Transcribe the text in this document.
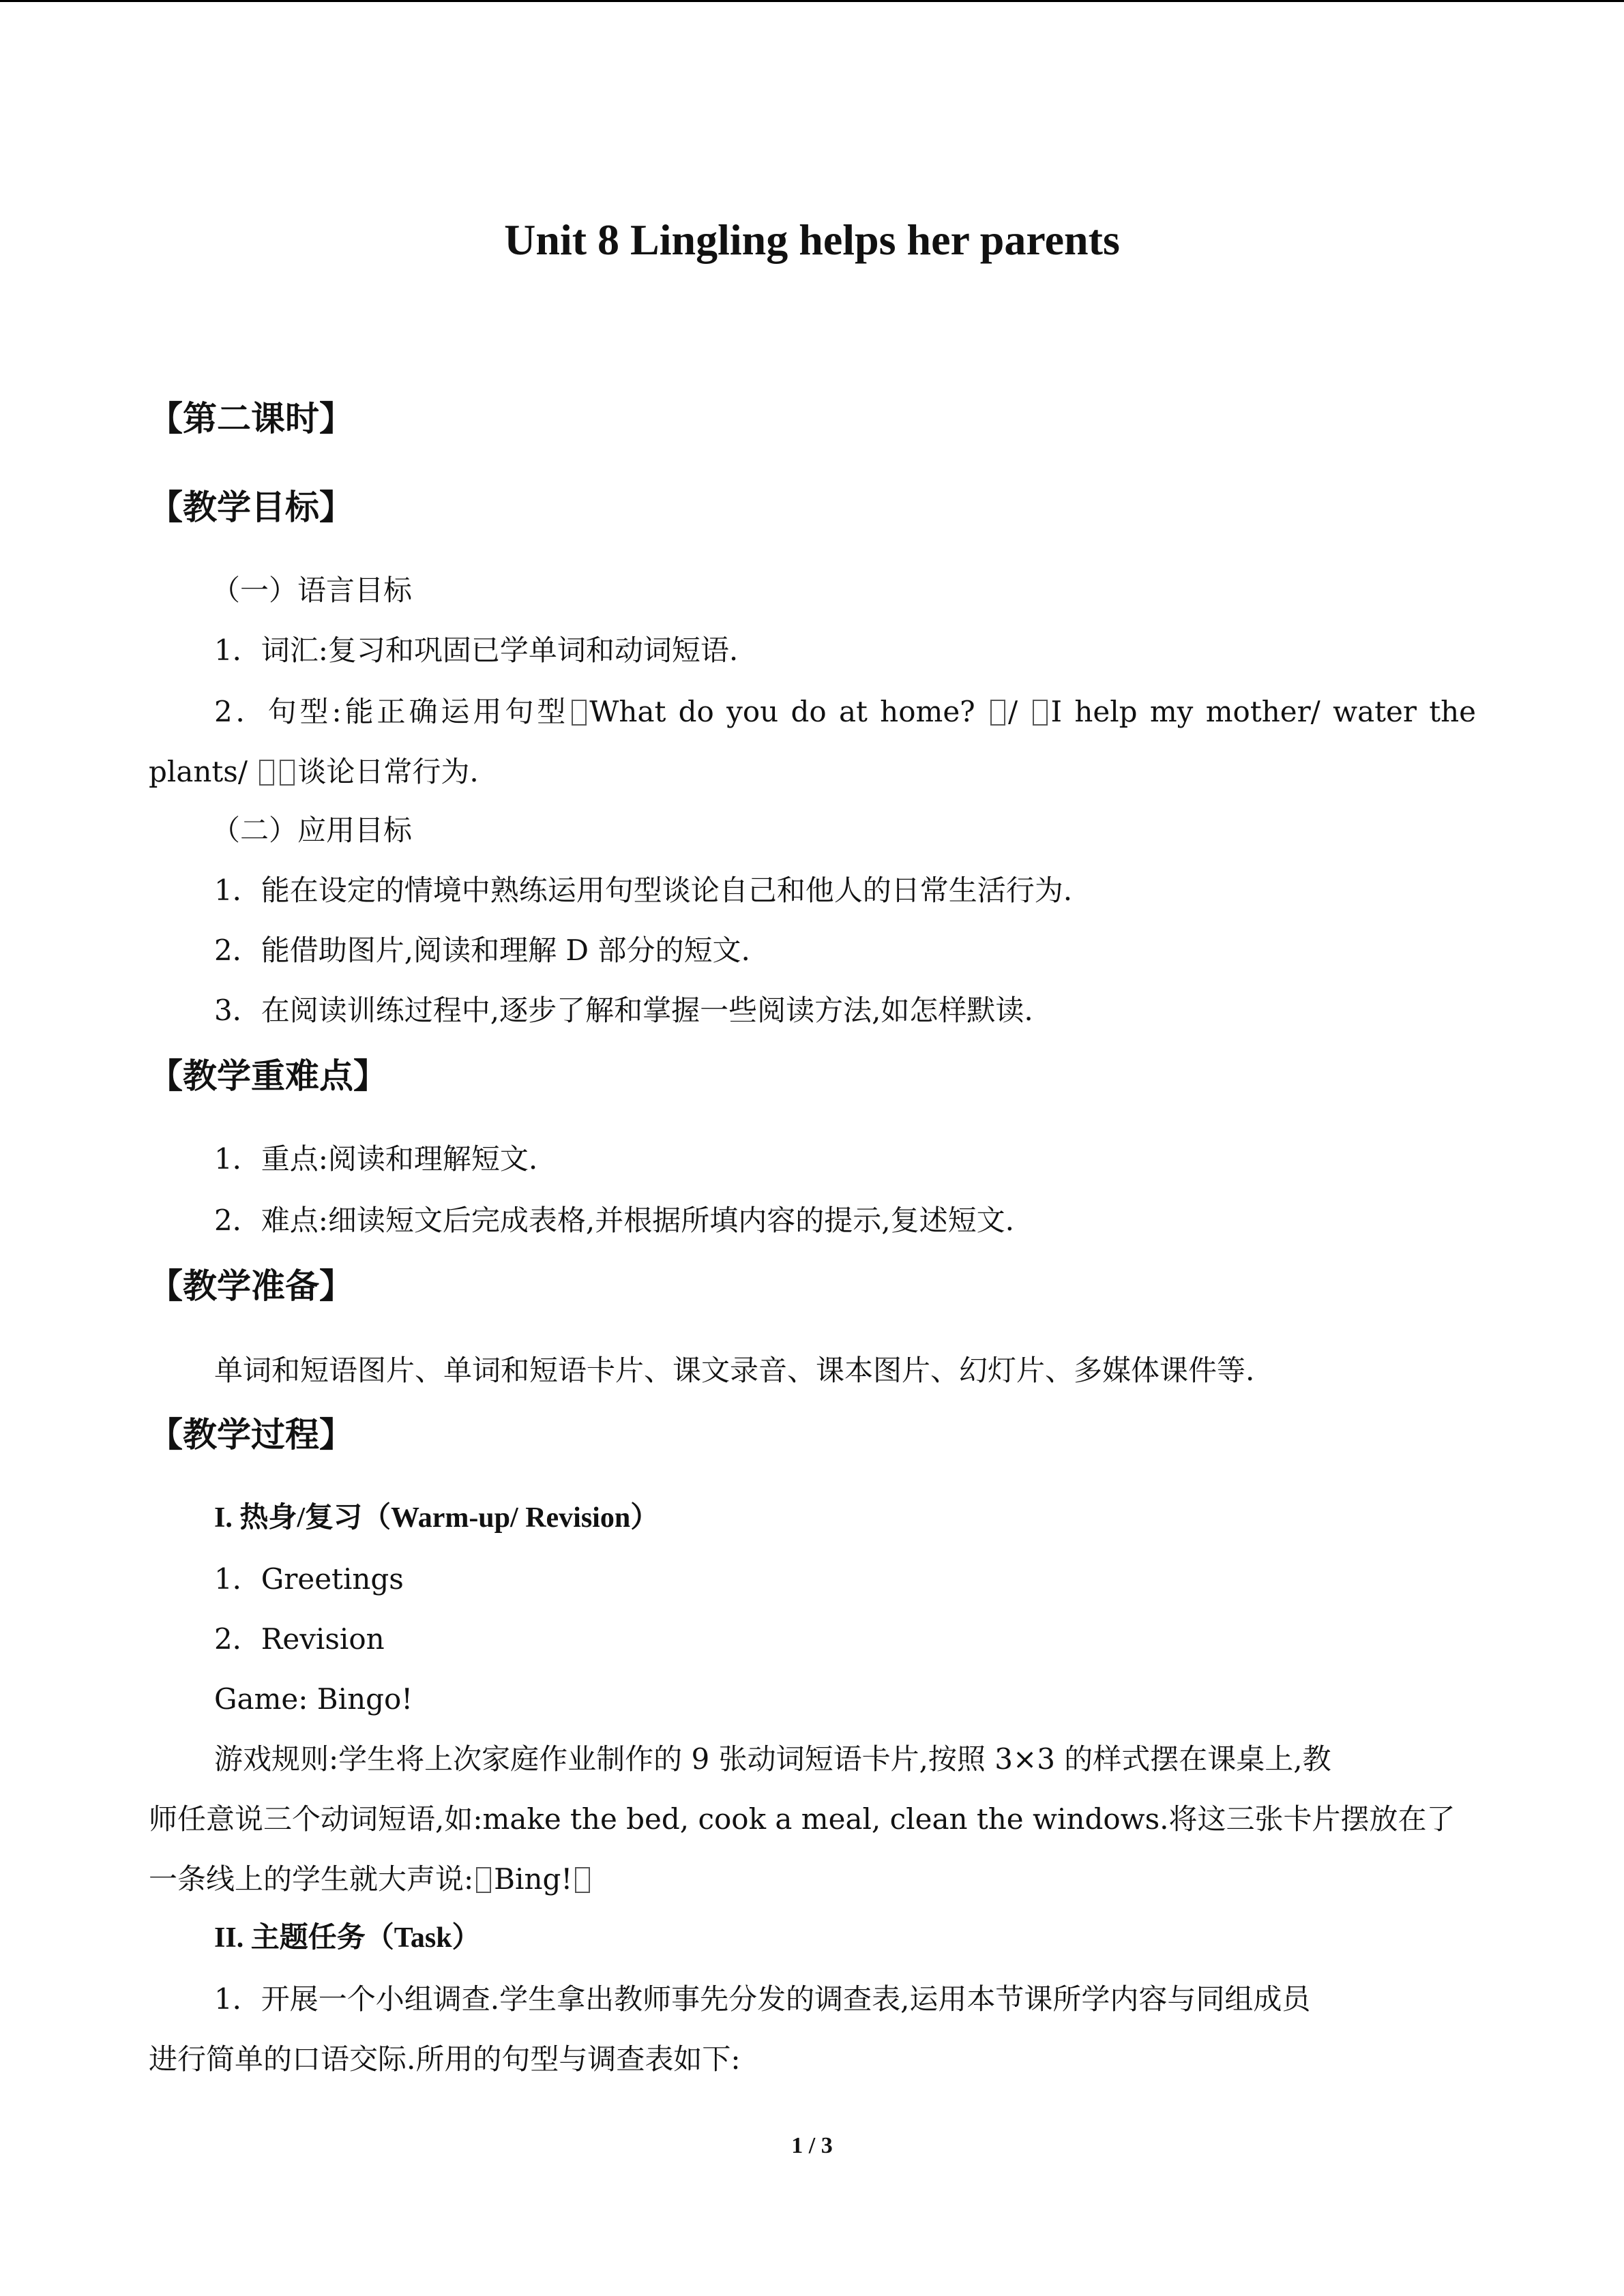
Unit 8 Lingling helps her parents
【第二课时】
【教学目标】
（一）语言目标
1．词汇:复习和巩固已学单词和动词短语.
2．句型:能正确运用句型 What do you do at home? / I help my mother/ water the
plants/ 谈论日常行为.
（二）应用目标
1．能在设定的情境中熟练运用句型谈论自己和他人的日常生活行为.
2．能借助图片,阅读和理解 D 部分的短文.
3．在阅读训练过程中,逐步了解和掌握一些阅读方法,如怎样默读.
【教学重难点】
1．重点:阅读和理解短文.
2．难点:细读短文后完成表格,并根据所填内容的提示,复述短文.
【教学准备】
单词和短语图片、单词和短语卡片、课文录音、课本图片、幻灯片、多媒体课件等.
【教学过程】
I. 热身/复习（Warm-up/ Revision）
1．Greetings
2．Revision
Game: Bingo!
游戏规则:学生将上次家庭作业制作的 9 张动词短语卡片,按照 3×3 的样式摆在课桌上,教
师任意说三个动词短语,如:make the bed, cook a meal, clean the windows.将这三张卡片摆放在了
一条线上的学生就大声说: Bing!
II. 主题任务（Task）
1．开展一个小组调查.学生拿出教师事先分发的调查表,运用本节课所学内容与同组成员
进行简单的口语交际.所用的句型与调查表如下:
1 / 3
